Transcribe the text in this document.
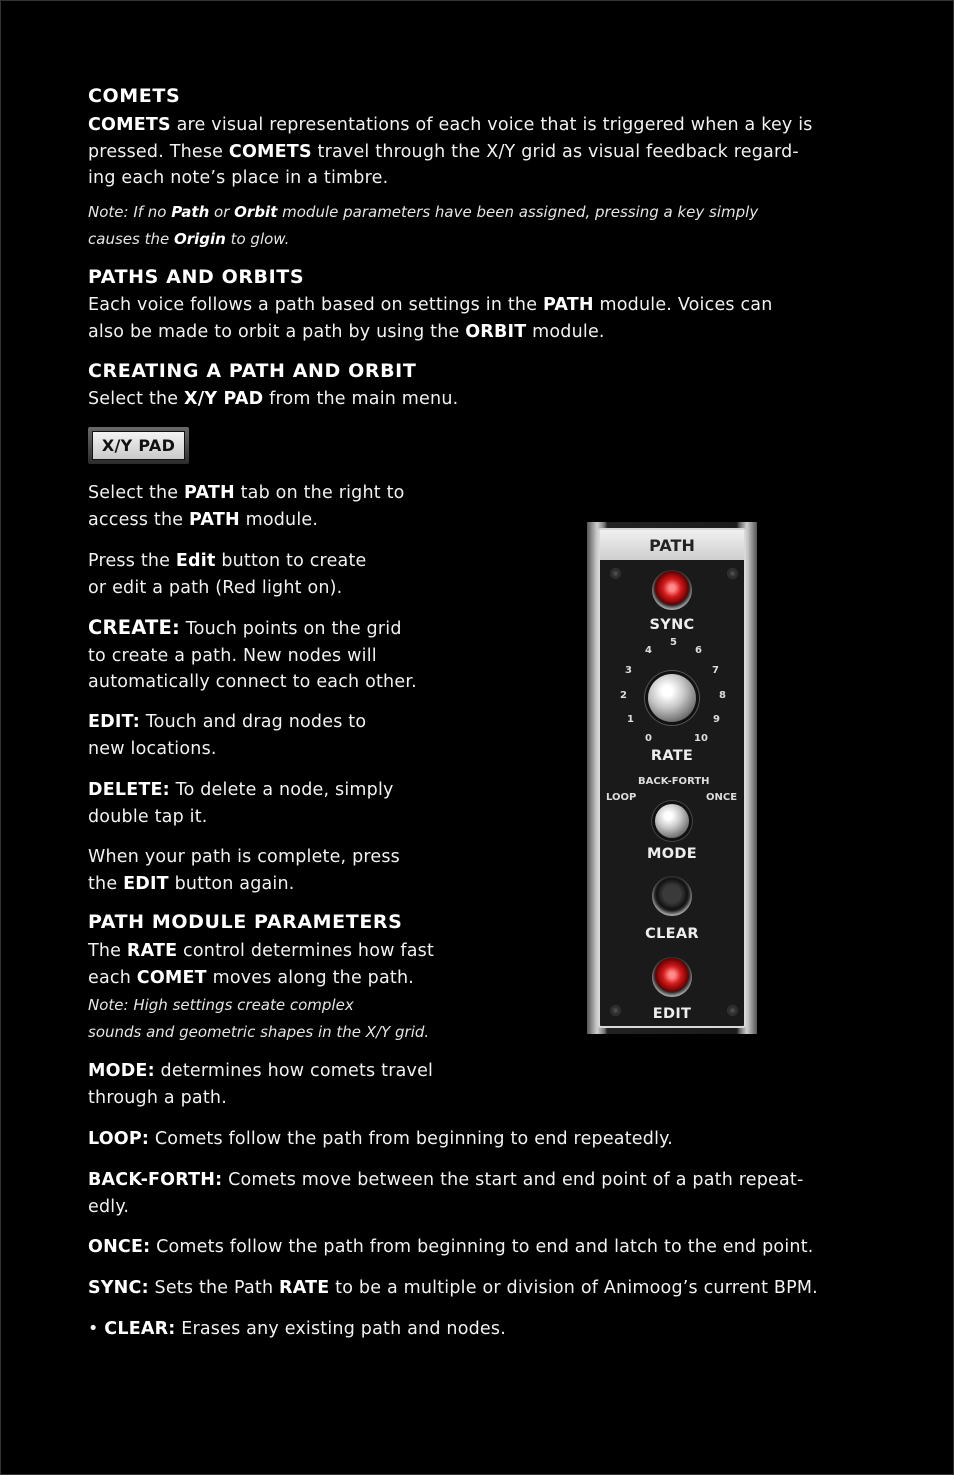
COMETS
COMETS are visual representations of each voice that is triggered when a key is
pressed. These COMETS travel through the X/Y grid as visual feedback regard-
ing each note’s place in a timbre.
Note: If no Path or Orbit module parameters have been assigned, pressing a key simply
causes the Origin to glow.
PATHS AND ORBITS
Each voice follows a path based on settings in the PATH module. Voices can
also be made to orbit a path by using the ORBIT module.
CREATING A PATH AND ORBIT
Select the X/Y PAD from the main menu.
X/Y PAD
Select the PATH tab on the right to
access the PATH module.
Press the Edit button to create
or edit a path (Red light on).
CREATE: Touch points on the grid
to create a path. New nodes will
automatically connect to each other.
EDIT: Touch and drag nodes to
new locations.
DELETE: To delete a node, simply
double tap it.
When your path is complete, press
the EDIT button again.
PATH MODULE PARAMETERS
The RATE control determines how fast
each COMET moves along the path.
Note: High settings create complex
sounds and geometric shapes in the X/Y grid.
MODE: determines how comets travel
through a path.
LOOP: Comets follow the path from beginning to end repeatedly.
BACK-FORTH: Comets move between the start and end point of a path repeat-
edly.
ONCE: Comets follow the path from beginning to end and latch to the end point.
SYNC: Sets the Path RATE to be a multiple or division of Animoog’s current BPM.
• CLEAR: Erases any existing path and nodes.
PATH
SYNC
0
1
2
3
4
5
6
7
8
9
10
RATE
BACK-FORTH
LOOP	ONCE
MODE
CLEAR
EDIT
